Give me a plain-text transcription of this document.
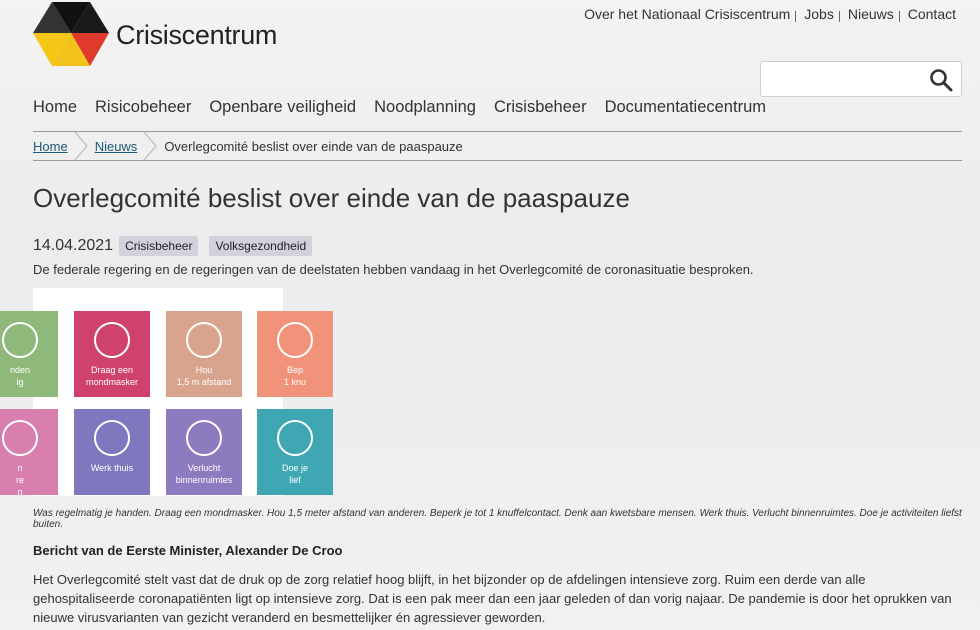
Crisiscentrum
Over het Nationaal Crisiscentrum Jobs Nieuws Contact
Home Risicobeheer Openbare veiligheid Noodplanning Crisisbeheer Documentatiecentrum
Home Nieuws Overlegcomité beslist over einde van de paaspauze
Overlegcomité beslist over einde van de paaspauze
14.04.2021	Crisisbeheer	Volksgezondheid

De federale regering en de regeringen van de deelstaten hebben vandaag in het Overlegcomité de coronasituatie besproken.

nden
ig
Draag een
mondmasker
Hou
1,5 m afstand
Bep
1 knu
n
re
n
Werk thuis	Verlucht
binnenruimtes
Doe je
lief

Was regelmatig je handen. Draag een mondmasker. Hou 1,5 meter afstand van anderen. Beperk je tot 1 knuffelcontact. Denk aan kwetsbare mensen. Werk thuis. Verlucht binnenruimtes. Doe je activiteiten liefst buiten.

Bericht van de Eerste Minister, Alexander De Croo

Het Overlegcomité stelt vast dat de druk op de zorg relatief hoog blijft, in het bijzonder op de afdelingen intensieve zorg. Ruim een derde van alle gehospitaliseerde coronapatiënten ligt op intensieve zorg. Dat is een pak meer dan een jaar geleden of dan vorig najaar. De pandemie is door het oprukken van nieuwe virusvarianten van gezicht veranderd en besmettelijker én agressiever geworden.
